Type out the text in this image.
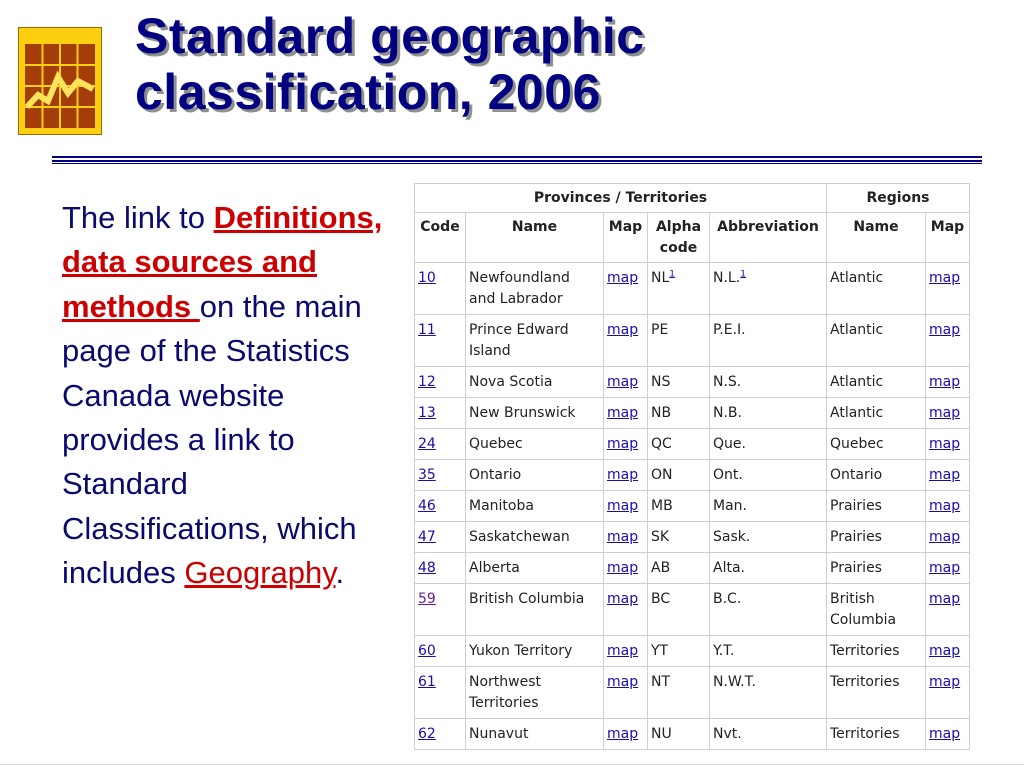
Standard geographic
classification, 2006
The link to Definitions, data sources and methods on the main page of the Statistics Canada website provides a link to Standard Classifications, which includes Geography.
Provinces / Territories					Regions	
Code	Name	Map	Alpha code	Abbreviation	Name	Map
10	Newfoundland and Labrador	map	$NL^1$	N.L.$^1$	Atlantic	map
11	Prince Edward Island	map	PE	P.E.I.	Atlantic	map
12	Nova Scotia	map	NS	N.S.	Atlantic	map
13	New Brunswick	map	NB	N.B.	Atlantic	map
24	Quebec	map	QC	Que.	Quebec	map
35	Ontario	map	ON	Ont.	Ontario	map
46	Manitoba	map	MB	Man.	Prairies	map
47	Saskatchewan	map	SK	Sask.	Prairies	map
48	Alberta	map	AB	Alta.	Prairies	map
59	British Columbia	map	BC	B.C.	British Columbia	map
60	Yukon Territory	map	YT	Y.T.	Territories	map
61	Northwest Territories	map	NT	N.W.T.	Territories	map
62	Nunavut	map	NU	Nvt.	Territories	map
